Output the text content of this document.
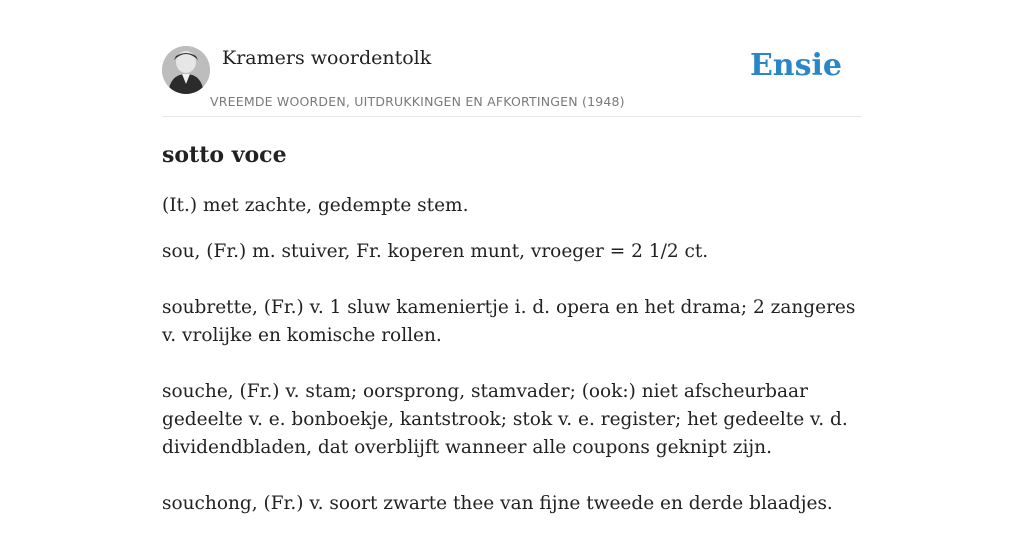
Kramers woordentolk
VREEMDE WOORDEN, UITDRUKKINGEN EN AFKORTINGEN (1948)
Ensie
sotto voce

(It.) met zachte, gedempte stem.

sou, (Fr.) m. stuiver, Fr. koperen munt, vroeger = 2 1/2 ct.

soubrette, (Fr.) v. 1 sluw kameniertje i. d. opera en het drama; 2 zangeres v. vrolijke en komische rollen.

souche, (Fr.) v. stam; oorsprong, stamvader; (ook:) niet afscheurbaar gedeelte v. e. bonboekje, kantstrook; stok v. e. register; het gedeelte v. d. dividendbladen, dat overblijft wanneer alle coupons geknipt zijn.

souchong, (Fr.) v. soort zwarte thee van fijne tweede en derde blaadjes.
